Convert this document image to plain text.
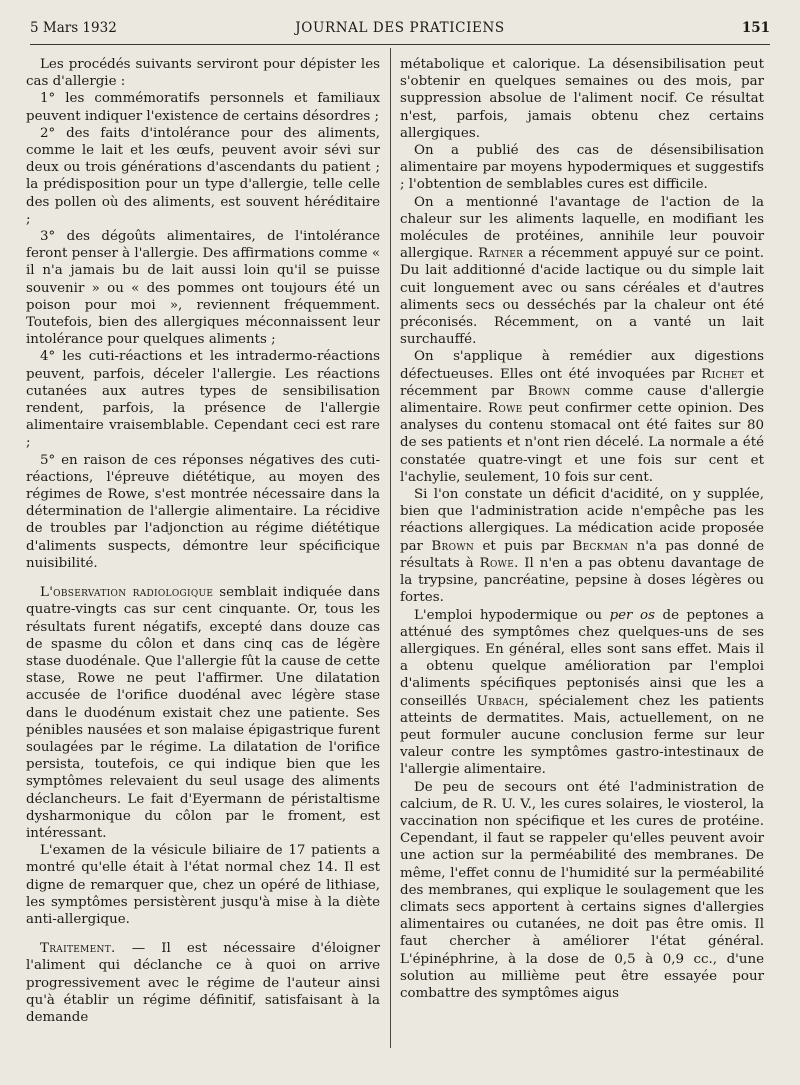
5 Mars 1932	JOURNAL DES PRATICIENS	151

Les procédés suivants serviront pour dépister les cas d'allergie :

1° les commémoratifs personnels et familiaux peuvent indiquer l'existence de certains désordres ;

2° des faits d'intolérance pour des aliments, comme le lait et les œufs, peuvent avoir sévi sur deux ou trois générations d'ascendants du patient ; la prédisposition pour un type d'allergie, telle celle des pollen où des aliments, est souvent héréditaire ;

3° des dégoûts alimentaires, de l'intolérance feront penser à l'allergie. Des affirmations comme « il n'a jamais bu de lait aussi loin qu'il se puisse souvenir » ou « des pommes ont toujours été un poison pour moi », reviennent fréquemment. Toutefois, bien des allergiques méconnaissent leur intolérance pour quelques aliments ;

4° les cuti-réactions et les intradermo-réactions peuvent, parfois, déceler l'allergie. Les réactions cutanées aux autres types de sensibilisation rendent, parfois, la présence de l'allergie alimentaire vraisemblable. Cependant ceci est rare ;

5° en raison de ces réponses négatives des cuti-réactions, l'épreuve diététique, au moyen des régimes de Rowe, s'est montrée nécessaire dans la détermination de l'allergie alimentaire. La récidive de troubles par l'adjonction au régime diététique d'aliments suspects, démontre leur spécificique nuisibilité.

L'observation radiologique semblait indiquée dans quatre-vingts cas sur cent cinquante. Or, tous les résultats furent négatifs, excepté dans douze cas de spasme du côlon et dans cinq cas de légère stase duodénale. Que l'allergie fût la cause de cette stase, Rowe ne peut l'affirmer. Une dilatation accusée de l'orifice duodénal avec légère stase dans le duodénum existait chez une patiente. Ses pénibles nausées et son malaise épigastrique furent soulagées par le régime. La dilatation de l'orifice persista, toutefois, ce qui indique bien que les symptômes relevaient du seul usage des aliments déclancheurs. Le fait d'Eyermann de péristaltisme dysharmonique du côlon par le froment, est intéressant.

L'examen de la vésicule biliaire de 17 patients a montré qu'elle était à l'état normal chez 14. Il est digne de remarquer que, chez un opéré de lithiase, les symptômes persistèrent jusqu'à mise à la diète anti-allergique.

Traitement. — Il est nécessaire d'éloigner l'aliment qui déclanche ce à quoi on arrive progressivement avec le régime de l'auteur ainsi qu'à établir un régime définitif, satisfaisant à la demande

métabolique et calorique. La désensibilisation peut s'obtenir en quelques semaines ou des mois, par suppression absolue de l'aliment nocif. Ce résultat n'est, parfois, jamais obtenu chez certains allergiques.

On a publié des cas de désensibilisation alimentaire par moyens hypodermiques et suggestifs ; l'obtention de semblables cures est difficile.

On a mentionné l'avantage de l'action de la chaleur sur les aliments laquelle, en modifiant les molécules de protéines, annihile leur pouvoir allergique. Ratner a récemment appuyé sur ce point. Du lait additionné d'acide lactique ou du simple lait cuit longuement avec ou sans céréales et d'autres aliments secs ou desséchés par la chaleur ont été préconisés. Récemment, on a vanté un lait surchauffé.

On s'applique à remédier aux digestions défectueuses. Elles ont été invoquées par Richet et récemment par Brown comme cause d'allergie alimentaire. Rowe peut confirmer cette opinion. Des analyses du contenu stomacal ont été faites sur 80 de ses patients et n'ont rien décelé. La normale a été constatée quatre-vingt et une fois sur cent et l'achylie, seulement, 10 fois sur cent.

Si l'on constate un déficit d'acidité, on y supplée, bien que l'administration acide n'empêche pas les réactions allergiques. La médication acide proposée par Brown et puis par Beckman n'a pas donné de résultats à Rowe. Il n'en a pas obtenu davantage de la trypsine, pancréatine, pepsine à doses légères ou fortes.

L'emploi hypodermique ou per os de peptones a atténué des symptômes chez quelques-uns de ses allergiques. En général, elles sont sans effet. Mais il a obtenu quelque amélioration par l'emploi d'aliments spécifiques peptonisés ainsi que les a conseillés Urbach, spécialement chez les patients atteints de dermatites. Mais, actuellement, on ne peut formuler aucune conclusion ferme sur leur valeur contre les symptômes gastro-intestinaux de l'allergie alimentaire.

De peu de secours ont été l'administration de calcium, de R. U. V., les cures solaires, le viosterol, la vaccination non spécifique et les cures de protéine. Cependant, il faut se rappeler qu'elles peuvent avoir une action sur la perméabilité des membranes. De même, l'effet connu de l'humidité sur la perméabilité des membranes, qui explique le soulagement que les climats secs apportent à certains signes d'allergies alimentaires ou cutanées, ne doit pas être omis. Il faut chercher à améliorer l'état général. L'épinéphrine, à la dose de 0,5 à 0,9 cc., d'une solution au millième peut être essayée pour combattre des symptômes aigus
